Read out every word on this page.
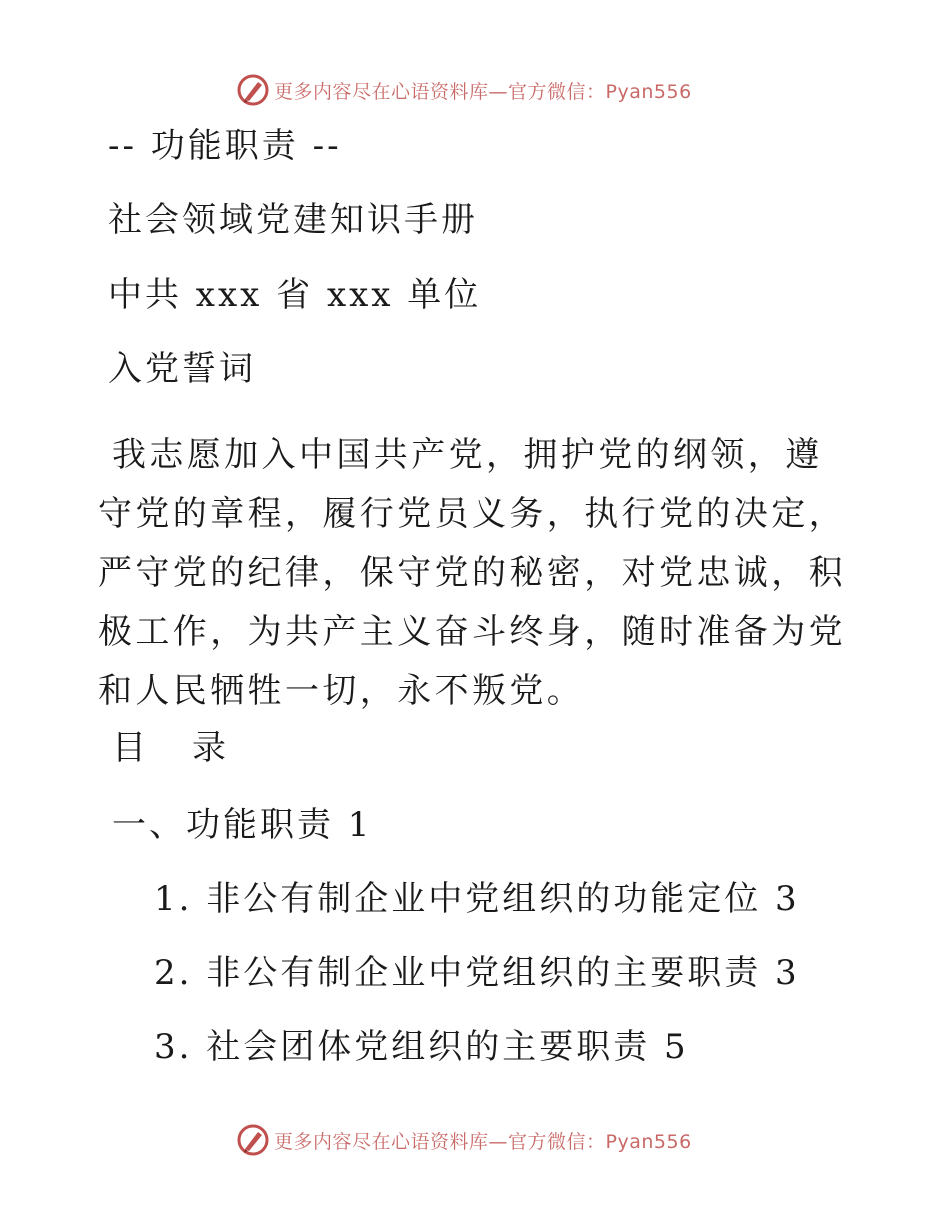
更多内容尽在心语资料库—官方微信：Pyan556
-- 功能职责 --
社会领域党建知识手册
中共 xxx 省 xxx 单位
入党誓词
我志愿加入中国共产党，拥护党的纲领，遵守党的章程，履行党员义务，执行党的决定，严守党的纪律，保守党的秘密，对党忠诚，积极工作，为共产主义奋斗终身，随时准备为党和人民牺牲一切，永不叛党。
目　录
一、功能职责 1
1. 非公有制企业中党组织的功能定位 3
2. 非公有制企业中党组织的主要职责 3
3. 社会团体党组织的主要职责 5
更多内容尽在心语资料库—官方微信：Pyan556
